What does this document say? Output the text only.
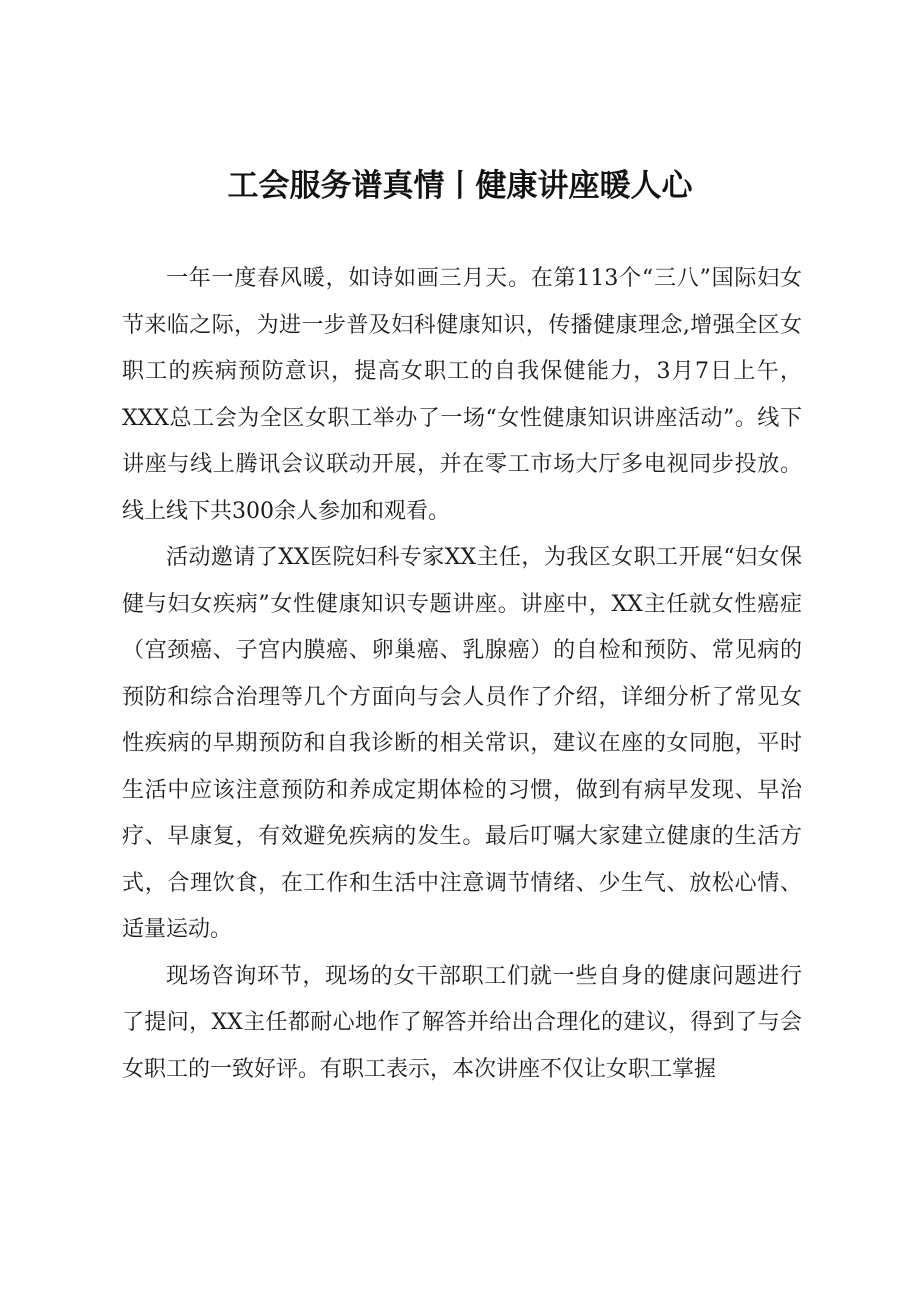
工会服务谱真情丨健康讲座暖人心

一年一度春风暖，如诗如画三月天。在第113个“三八”国际妇女节来临之际，为进一步普及妇科健康知识，传播健康理念,增强全区女职工的疾病预防意识，提高女职工的自我保健能力，3月7日上午，XXX总工会为全区女职工举办了一场“女性健康知识讲座活动”。线下讲座与线上腾讯会议联动开展，并在零工市场大厅多电视同步投放。线上线下共300余人参加和观看。

活动邀请了XX医院妇科专家XX主任，为我区女职工开展“妇女保健与妇女疾病”女性健康知识专题讲座。讲座中，XX主任就女性癌症（宫颈癌、子宫内膜癌、卵巢癌、乳腺癌）的自检和预防、常见病的预防和综合治理等几个方面向与会人员作了介绍，详细分析了常见女性疾病的早期预防和自我诊断的相关常识，建议在座的女同胞，平时生活中应该注意预防和养成定期体检的习惯，做到有病早发现、早治疗、早康复，有效避免疾病的发生。最后叮嘱大家建立健康的生活方式，合理饮食，在工作和生活中注意调节情绪、少生气、放松心情、适量运动。

现场咨询环节，现场的女干部职工们就一些自身的健康问题进行了提问，XX主任都耐心地作了解答并给出合理化的建议，得到了与会女职工的一致好评。有职工表示，本次讲座不仅让女职工掌握
